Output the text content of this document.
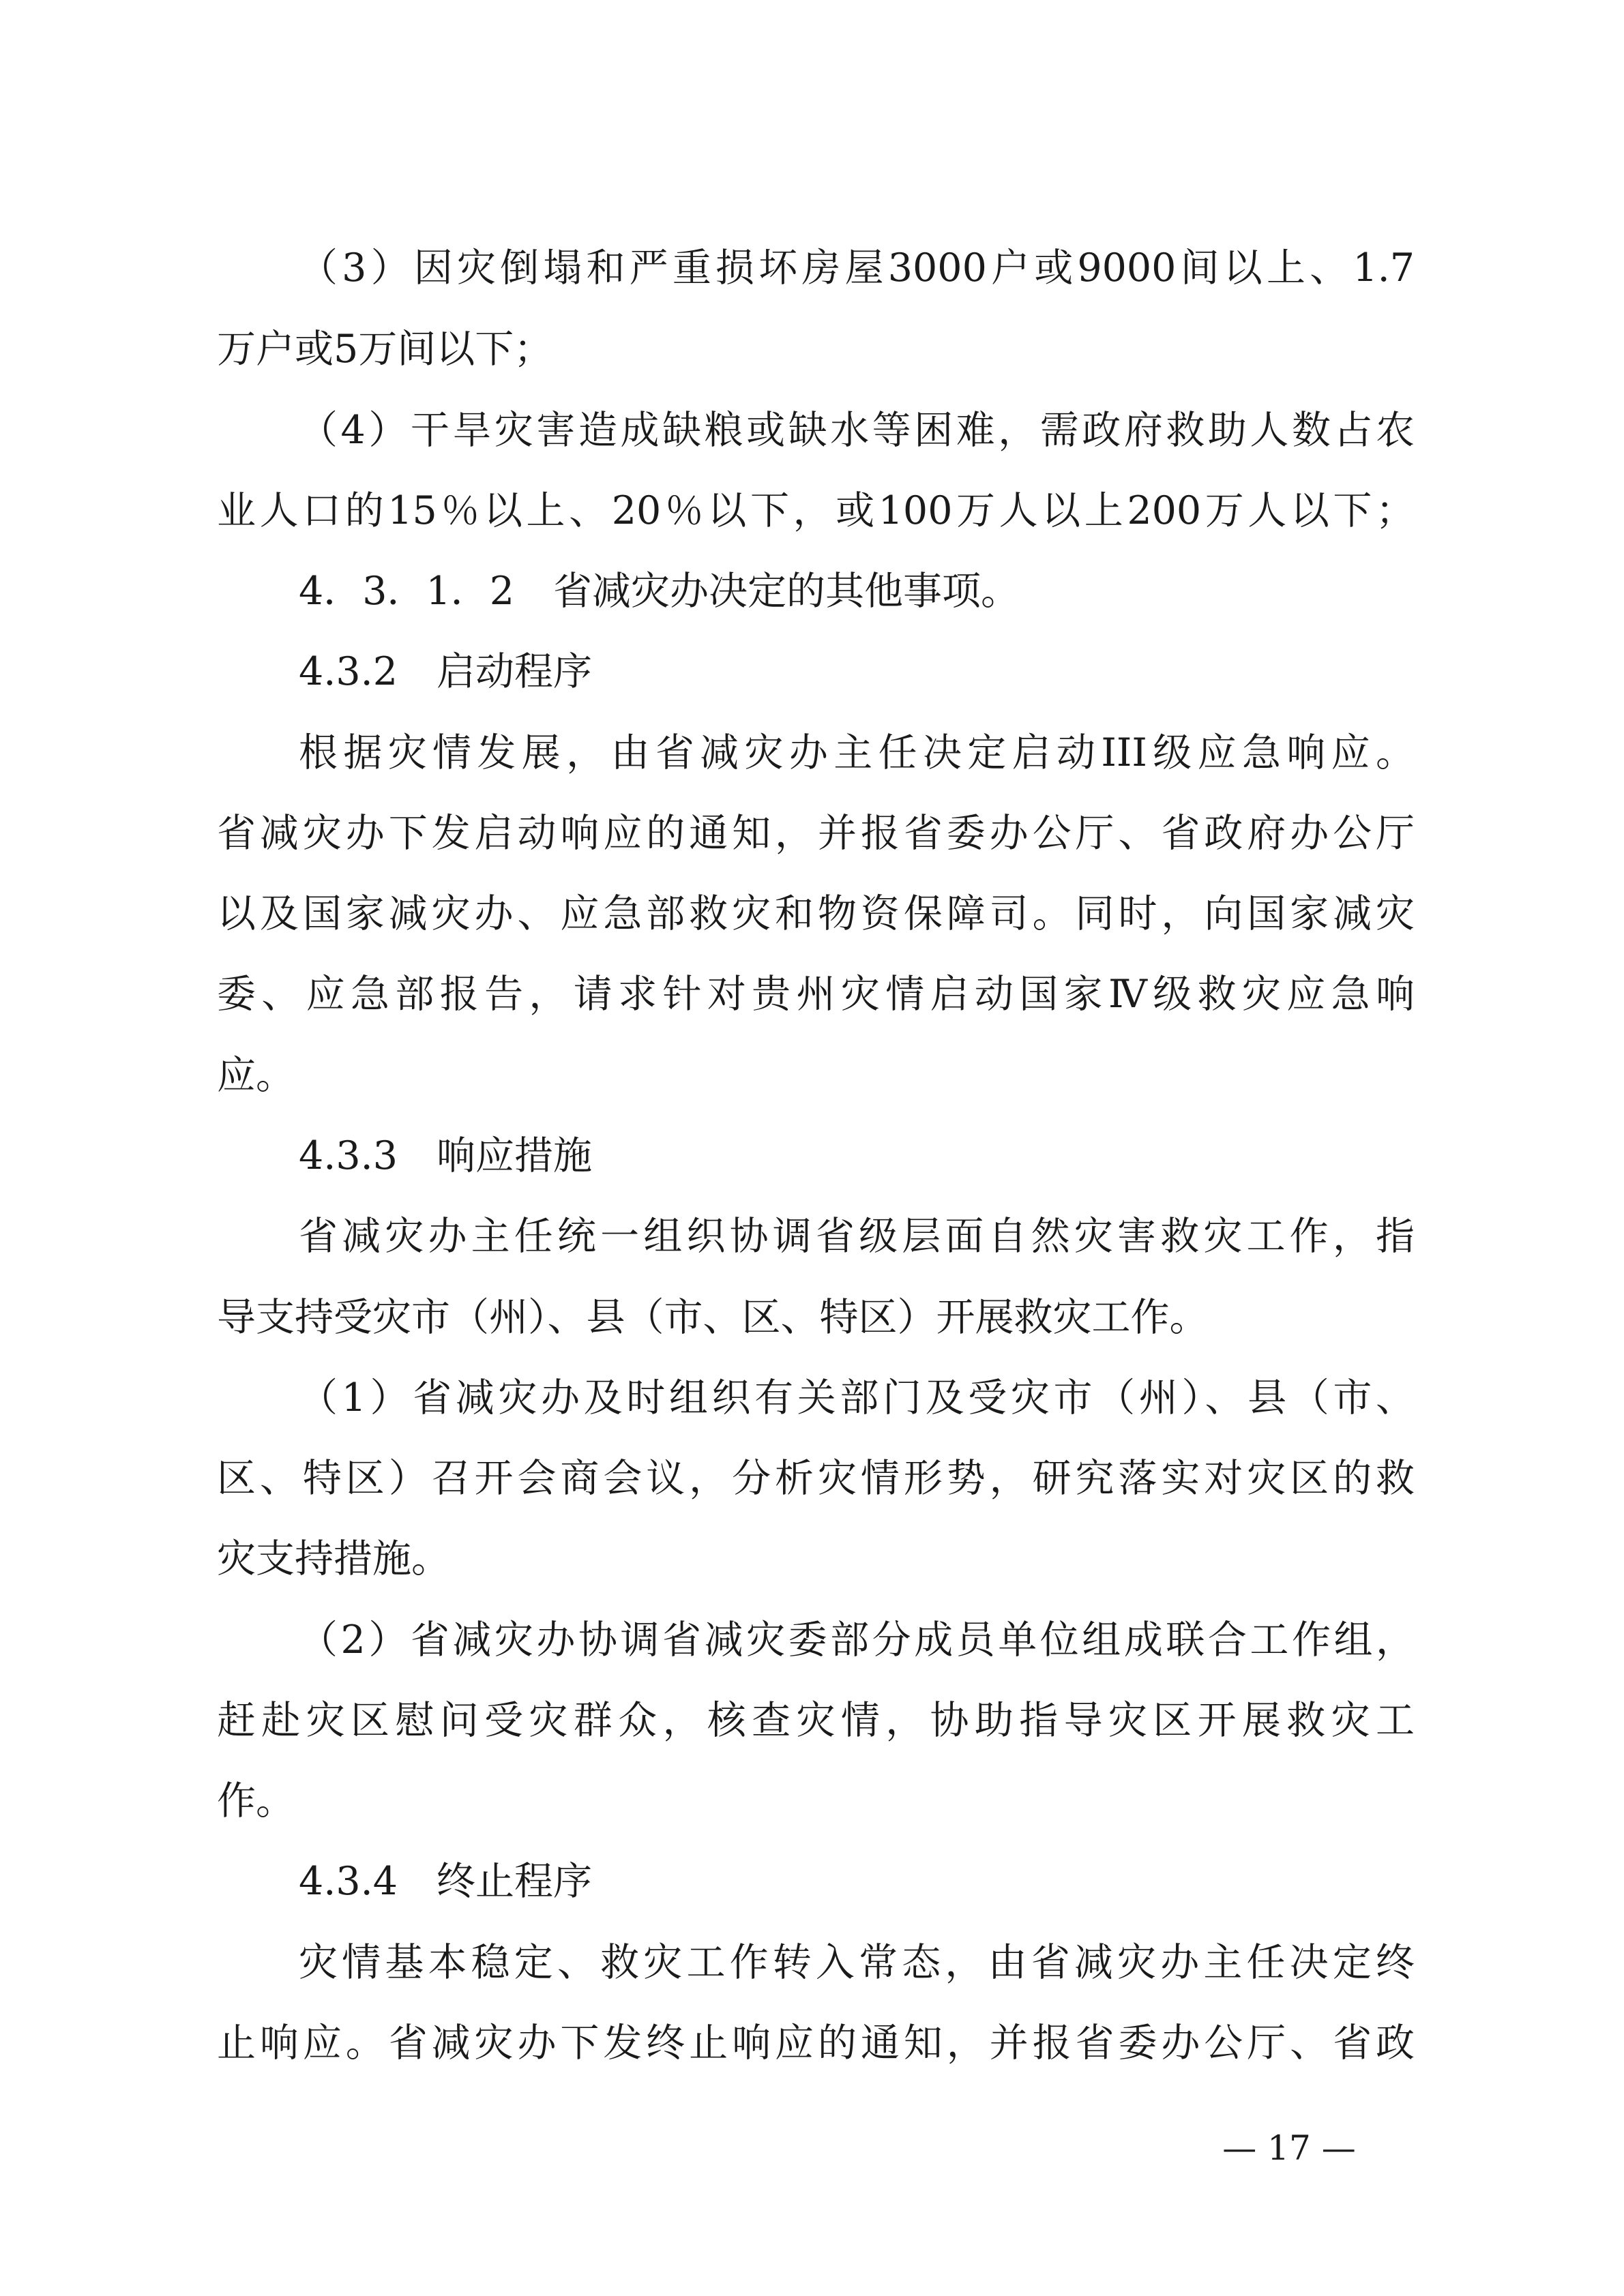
（3）因灾倒塌和严重损坏房屋3000户或9000间以上、1.7
万户或5万间以下；
（4）干旱灾害造成缺粮或缺水等困难，需政府救助人数占农
业人口的15％以上、20％以下，或100万人以上200万人以下；
4．3．1．2　省减灾办决定的其他事项。
4.3.2　启动程序
根据灾情发展，由省减灾办主任决定启动III级应急响应。
省减灾办下发启动响应的通知，并报省委办公厅、省政府办公厅
以及国家减灾办、应急部救灾和物资保障司。同时，向国家减灾
委、应急部报告，请求针对贵州灾情启动国家Ⅳ级救灾应急响
应。
4.3.3　响应措施
省减灾办主任统一组织协调省级层面自然灾害救灾工作，指
导支持受灾市（州）、县（市、区、特区）开展救灾工作。
（1）省减灾办及时组织有关部门及受灾市（州）、县（市、
区、特区）召开会商会议，分析灾情形势，研究落实对灾区的救
灾支持措施。
（2）省减灾办协调省减灾委部分成员单位组成联合工作组，
赶赴灾区慰问受灾群众，核查灾情，协助指导灾区开展救灾工
作。
4.3.4　终止程序
灾情基本稳定、救灾工作转入常态，由省减灾办主任决定终
止响应。省减灾办下发终止响应的通知，并报省委办公厅、省政
— 17 —
